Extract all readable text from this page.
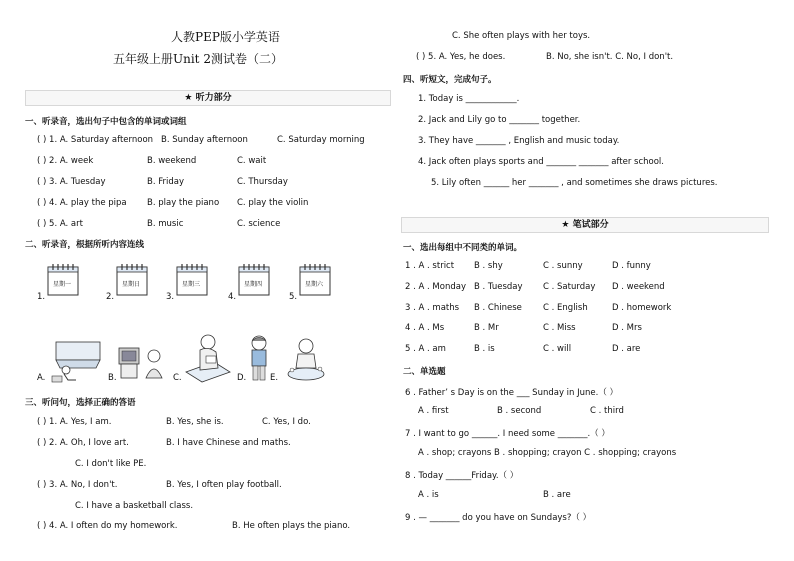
人教PEP版小学英语
五年级上册Unit 2测试卷（二）
★ 听力部分
一、听录音，选出句子中包含的单词或词组
( ) 1. A. Saturday afternoon B. Sunday afternoon	C. Saturday morning
( ) 2. A. week	B. weekend	C. wait
( ) 3. A. Tuesday	B. Friday	C. Thursday
( ) 4. A. play the pipa B. play the piano C. play the violin
( ) 5. A. art	B. music	C. science
二、听录音，根据所听内容连线
1.
星期一
2.
星期日
3.
星期三
4.
星期四
5.
星期六
A.	B.	C.	D.	E.
三、听问句，选择正确的答语
( ) 1. A. Yes, I am.	B. Yes, she is.	C. Yes, I do.
( ) 2. A. Oh, I love art.	B. I have Chinese and maths.
C. I don't like PE.
( ) 3. A. No, I don't.	B. Yes, I often play football.
C. I have a basketball class.
( ) 4. A. I often do my homework.	B. He often plays the piano.
C. She often plays with her toys.
( ) 5. A. Yes, he does.	B. No, she isn't. C. No, I don't.
四、听短文，完成句子。
1. Today is ____________.
2. Jack and Lily go to _______ together.
3. They have _______ , English and music today.
4. Jack often plays sports and _______ _______ after school.
5. Lily often ______ her _______ , and sometimes she draws pictures.
★ 笔试部分
一、选出每组中不同类的单词。
1 . A . strict B . shy	C . sunny	D . funny
2 . A . Monday B . Tuesday C . Saturday D . weekend
3 . A . maths B . Chinese C . English	D . homework
4 . A . Ms	B . Mr	C . Miss	D . Mrs
5 . A . am	B . is	C . will	D . are
二、单选题
6 . Father’ s Day is on the ___ Sunday in June.（ ）
A . first	B . second	C . third
7 . I want to go ______. I need some _______.（ ）
A . shop; crayons B . shopping; crayon C . shopping; crayons
8 . Today ______Friday.（ ）
A . is	B . are
9 . — _______ do you have on Sundays?（ ）
